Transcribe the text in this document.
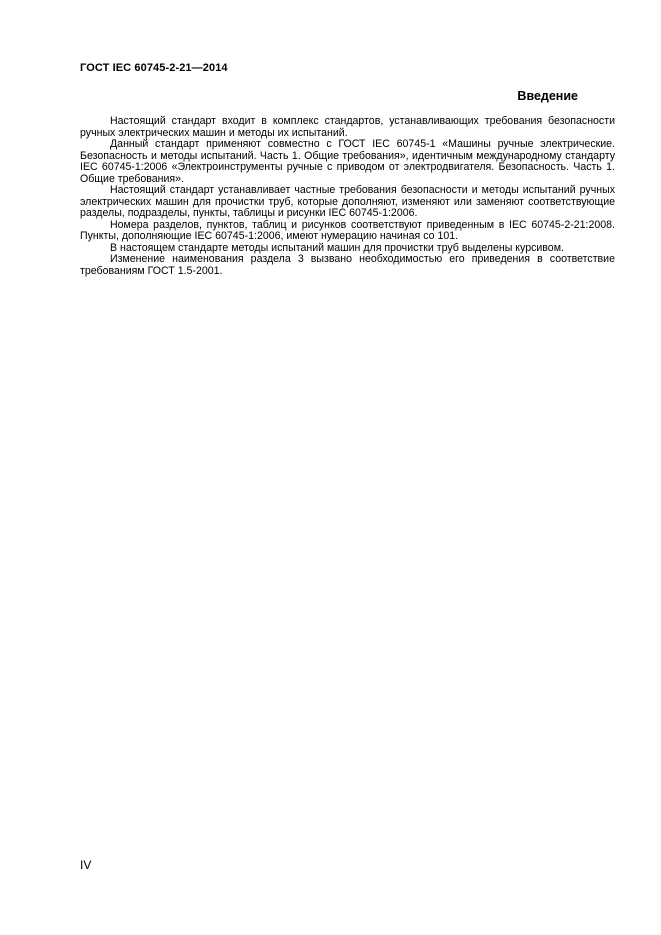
ГОСТ IEC 60745-2-21—2014
Введение

Настоящий стандарт входит в комплекс стандартов, устанавливающих требования безопасности ручных электрических машин и методы их испытаний.

Данный стандарт применяют совместно с ГОСТ IEC 60745-1 «Машины ручные электрические. Безопасность и методы испытаний. Часть 1. Общие требования», идентичным международному стандарту IEC 60745-1:2006 «Электроинструменты ручные с приводом от электродвигателя. Безопасность. Часть 1. Общие требования».

Настоящий стандарт устанавливает частные требования безопасности и методы испытаний ручных электрических машин для прочистки труб, которые дополняют, изменяют или заменяют соответствующие разделы, подразделы, пункты, таблицы и рисунки IEC 60745-1:2006.

Номера разделов, пунктов, таблиц и рисунков соответствуют приведенным в IEC 60745-2-21:2008. Пункты, дополняющие IEC 60745-1:2006, имеют нумерацию начиная со 101.

В настоящем стандарте методы испытаний машин для прочистки труб выделены курсивом.

Изменение наименования раздела 3 вызвано необходимостью его приведения в соответствие требованиям ГОСТ 1.5-2001.

IV
